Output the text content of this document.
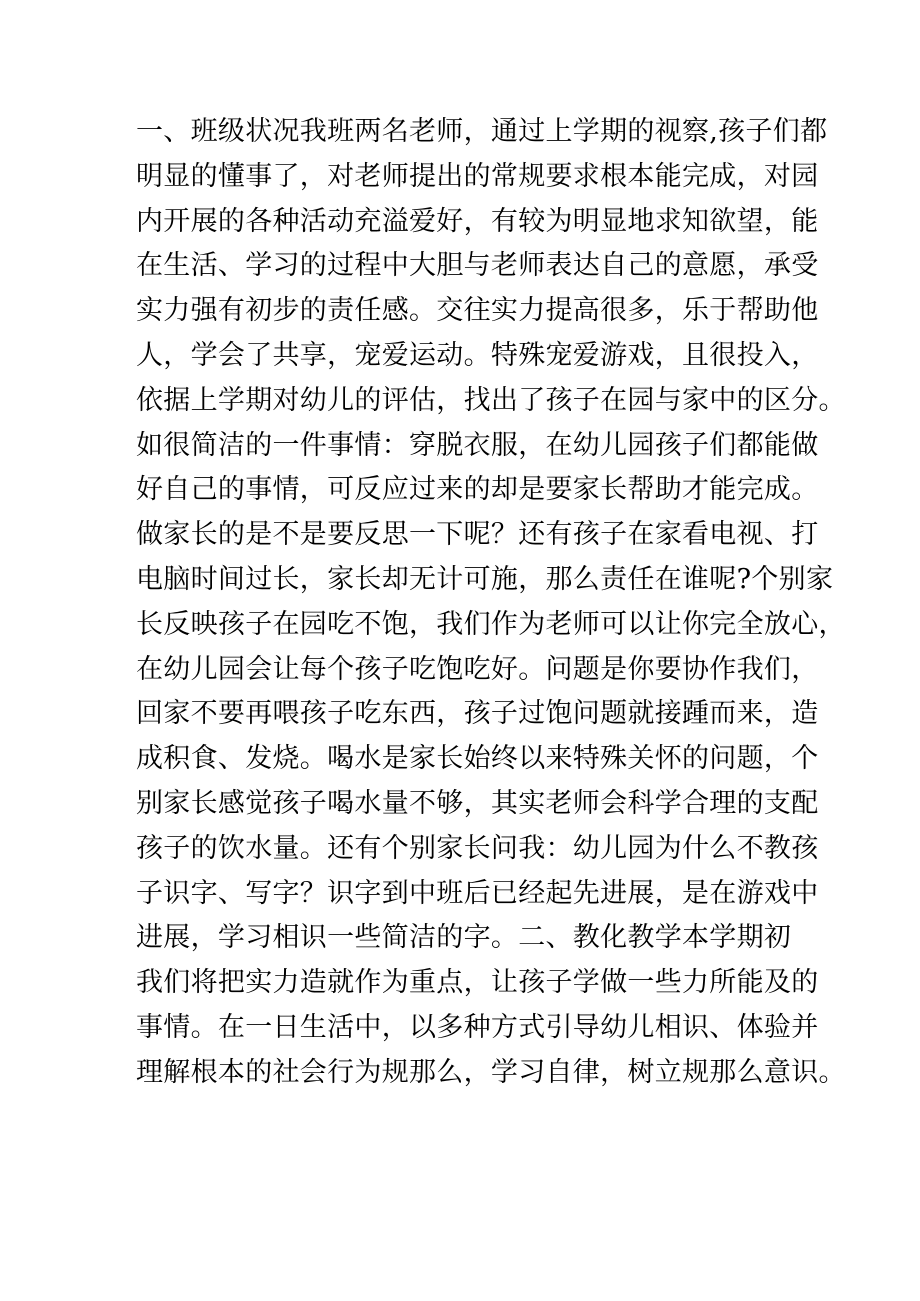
一、班级状况我班两名老师，通过上学期的视察,孩子们都
明显的懂事了，对老师提出的常规要求根本能完成，对园
内开展的各种活动充溢爱好，有较为明显地求知欲望，能
在生活、学习的过程中大胆与老师表达自己的意愿，承受
实力强有初步的责任感。交往实力提高很多，乐于帮助他
人，学会了共享，宠爱运动。特殊宠爱游戏，且很投入，
依据上学期对幼儿的评估，找出了孩子在园与家中的区分。
如很简洁的一件事情：穿脱衣服，在幼儿园孩子们都能做
好自己的事情，可反应过来的却是要家长帮助才能完成。
做家长的是不是要反思一下呢？还有孩子在家看电视、打
电脑时间过长，家长却无计可施，那么责任在谁呢?个别家
长反映孩子在园吃不饱，我们作为老师可以让你完全放心，
在幼儿园会让每个孩子吃饱吃好。问题是你要协作我们，
回家不要再喂孩子吃东西，孩子过饱问题就接踵而来，造
成积食、发烧。喝水是家长始终以来特殊关怀的问题，个
别家长感觉孩子喝水量不够，其实老师会科学合理的支配
孩子的饮水量。还有个别家长问我：幼儿园为什么不教孩
子识字、写字？识字到中班后已经起先进展，是在游戏中
进展，学习相识一些简洁的字。二、教化教学本学期初
我们将把实力造就作为重点，让孩子学做一些力所能及的
事情。在一日生活中，以多种方式引导幼儿相识、体验并
理解根本的社会行为规那么，学习自律，树立规那么意识。
